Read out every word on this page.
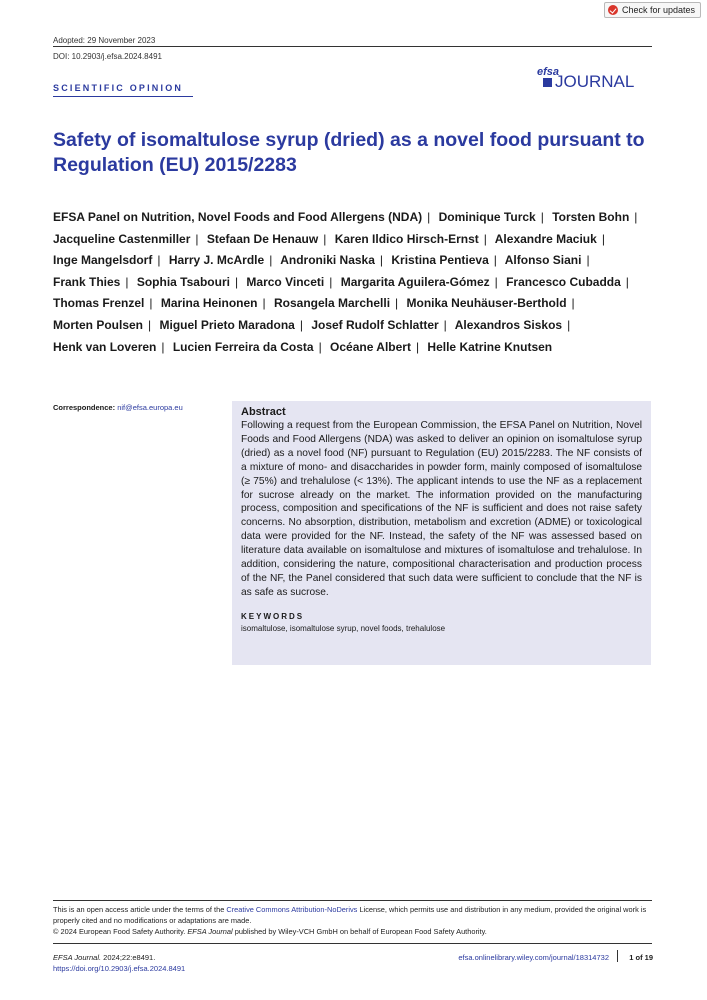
Check for updates
Adopted: 29 November 2023
DOI: 10.2903/j.efsa.2024.8491
SCIENTIFIC OPINION
efsa
JOURNAL
Safety of isomaltulose syrup (dried) as a novel food pursuant to Regulation (EU) 2015/2283

EFSA Panel on Nutrition, Novel Foods and Food Allergens (NDA) | Dominique Turck | Torsten Bohn | Jacqueline Castenmiller | Stefaan De Henauw | Karen Ildico Hirsch-Ernst | Alexandre Maciuk | Inge Mangelsdorf | Harry J. McArdle | Androniki Naska | Kristina Pentieva | Alfonso Siani | Frank Thies | Sophia Tsabouri | Marco Vinceti | Margarita Aguilera-Gómez | Francesco Cubadda | Thomas Frenzel | Marina Heinonen | Rosangela Marchelli | Monika Neuhäuser-Berthold | Morten Poulsen | Miguel Prieto Maradona | Josef Rudolf Schlatter | Alexandros Siskos | Henk van Loveren | Lucien Ferreira da Costa | Océane Albert | Helle Katrine Knutsen

Correspondence: nif@efsa.europa.eu	Abstract

Following a request from the European Commission, the EFSA Panel on Nutrition, Novel Foods and Food Allergens (NDA) was asked to deliver an opinion on isomaltulose syrup (dried) as a novel food (NF) pursuant to Regulation (EU) 2015/2283. The NF consists of a mixture of mono- and disaccharides in powder form, mainly composed of isomaltulose (≥ 75%) and trehalulose (< 13%). The applicant intends to use the NF as a replacement for sucrose already on the market. The information provided on the manufacturing process, composition and specifications of the NF is sufficient and does not raise safety concerns. No absorption, distribution, metabolism and excretion (ADME) or toxicological data were provided for the NF. Instead, the safety of the NF was assessed based on literature data available on isomaltulose and mixtures of isomaltulose and trehalulose. In addition, considering the nature, compositional characterisation and production process of the NF, the Panel considered that such data were sufficient to conclude that the NF is as safe as sucrose.

KEYWORDS
isomaltulose, isomaltulose syrup, novel foods, trehalulose
This is an open access article under the terms of the Creative Commons Attribution-NoDerivs License, which permits use and distribution in any medium, provided the original work is properly cited and no modifications or adaptations are made.
© 2024 European Food Safety Authority. EFSA Journal published by Wiley-VCH GmbH on behalf of European Food Safety Authority.
EFSA Journal. 2024;22:e8491.
https://doi.org/10.2903/j.efsa.2024.8491
efsa.onlinelibrary.wiley.com/journal/18314732	1 of 19
